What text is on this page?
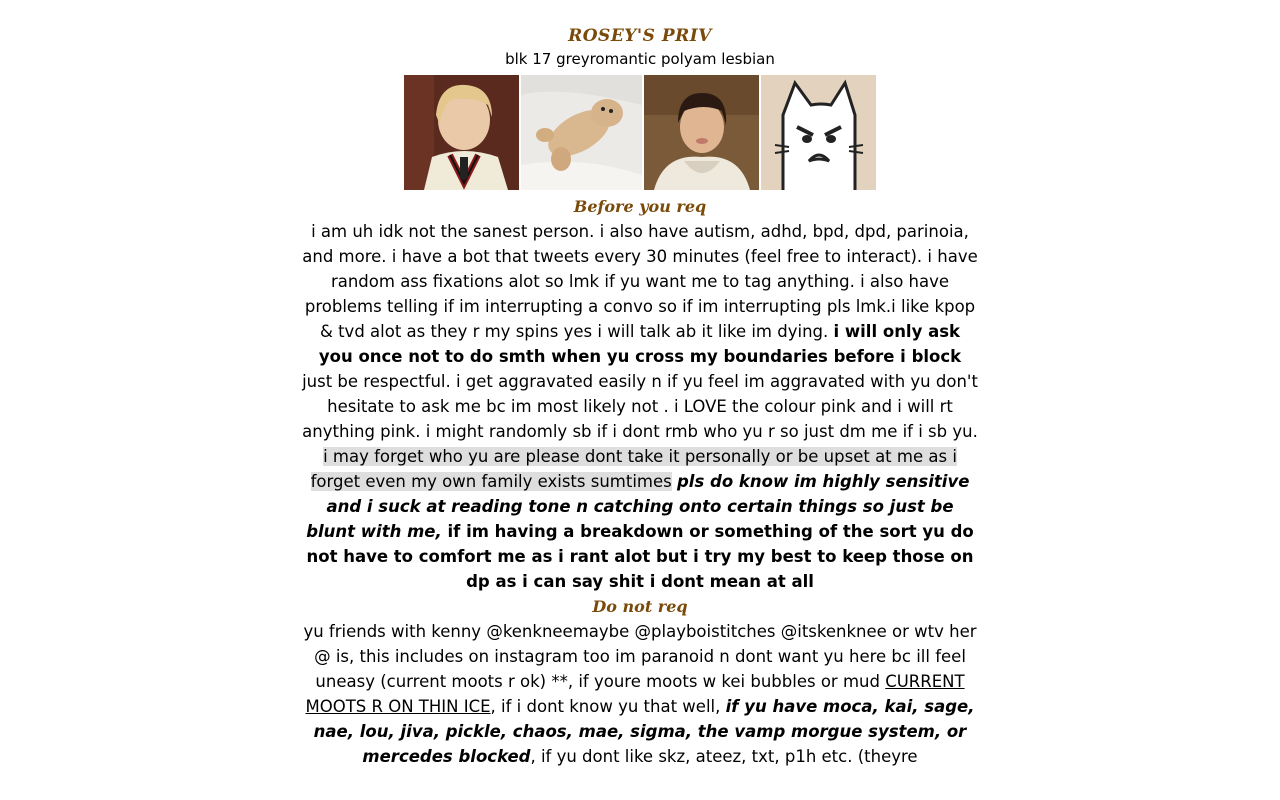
ROSEY'S PRIV
blk 17 greyromantic polyam lesbian
Before you req
i am uh idk not the sanest person. i also have autism, adhd, bpd, dpd, parinoia, and more. i have a bot that tweets every 30 minutes (feel free to interact). i have random ass fixations alot so lmk if yu want me to tag anything. i also have problems telling if im interrupting a convo so if im interrupting pls lmk.i like kpop & tvd alot as they r my spins yes i will talk ab it like im dying. i will only ask you once not to do smth when yu cross my boundaries before i block just be respectful. i get aggravated easily n if yu feel im aggravated with yu don't hesitate to ask me bc im most likely not . i LOVE the colour pink and i will rt anything pink. i might randomly sb if i dont rmb who yu r so just dm me if i sb yu. i may forget who yu are please dont take it personally or be upset at me as i forget even my own family exists sumtimes pls do know im highly sensitive and i suck at reading tone n catching onto certain things so just be blunt with me, if im having a breakdown or something of the sort yu do not have to comfort me as i rant alot but i try my best to keep those on dp as i can say shit i dont mean at all
Do not req
yu friends with kenny @kenkneemaybe @playboistitches @itskenknee or wtv her @ is, this includes on instagram too im paranoid n dont want yu here bc ill feel uneasy (current moots r ok) **, if youre moots w kei bubbles or mud CURRENT MOOTS R ON THIN ICE, if i dont know yu that well, if yu have moca, kai, sage, nae, lou, jiva, pickle, chaos, mae, sigma, the vamp morgue system, or mercedes blocked, if yu dont like skz, ateez, txt, p1h etc. (theyre
